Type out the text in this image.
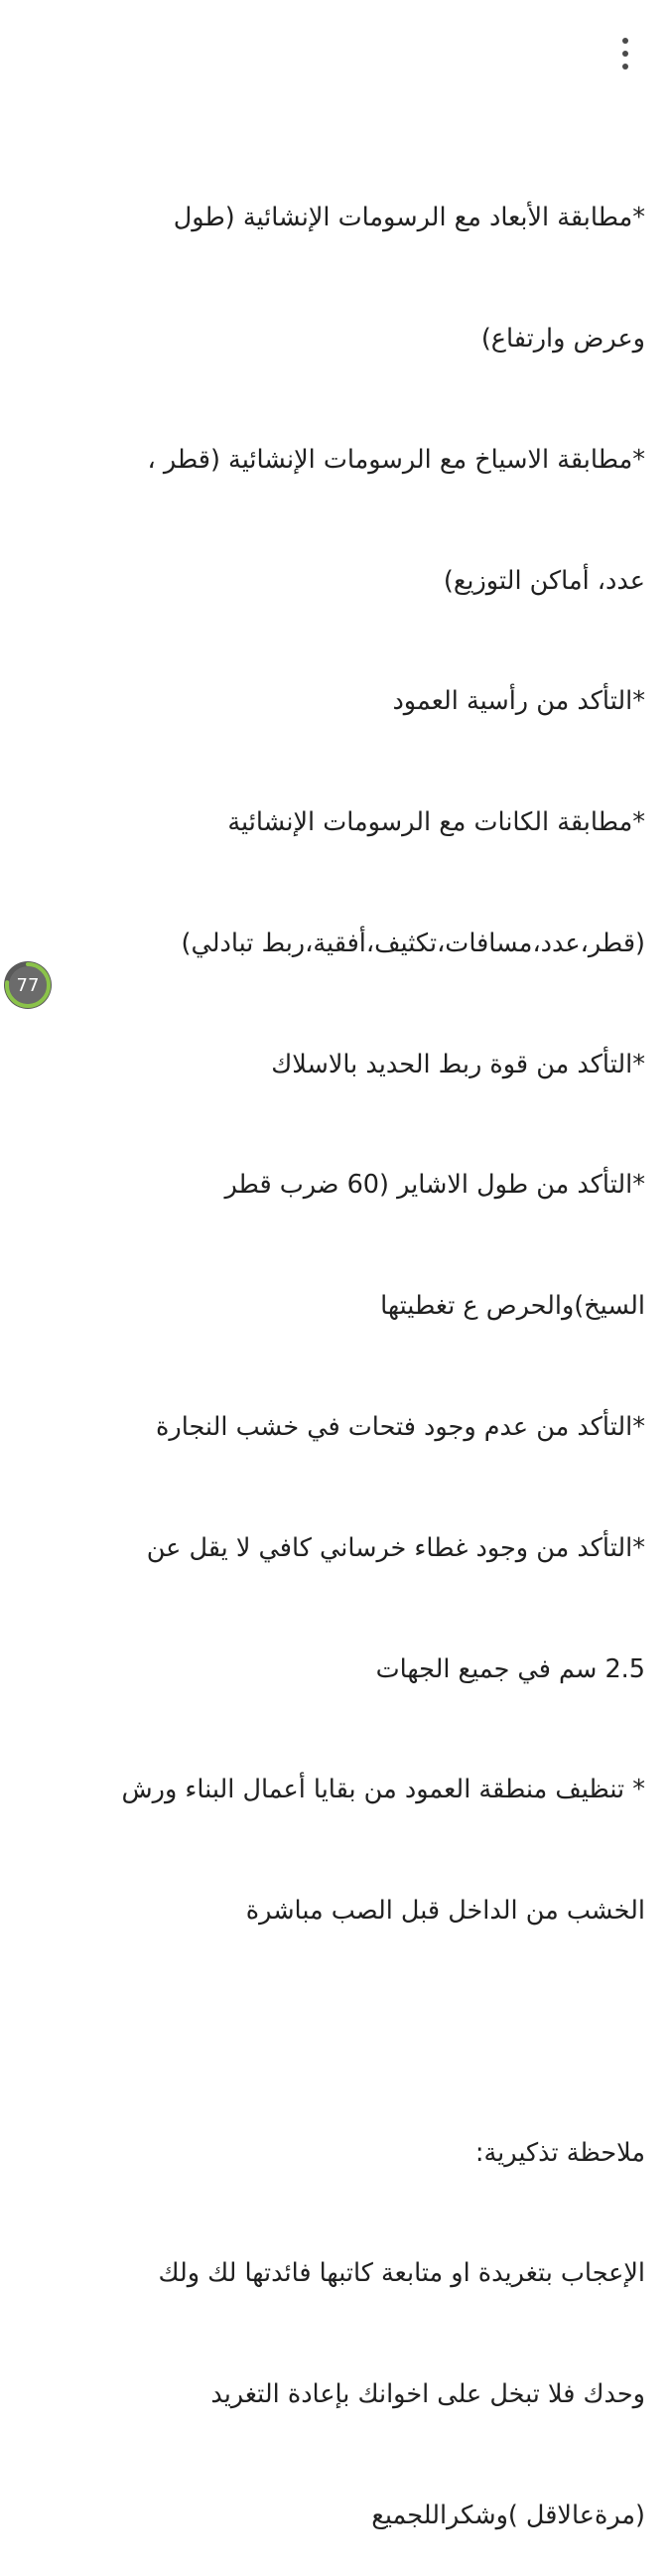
*مطابقة الأبعاد مع الرسومات الإنشائية (طول

وعرض وارتفاع)

*مطابقة الاسياخ مع الرسومات الإنشائية (قطر ،

عدد، أماكن التوزيع)

*التأكد من رأسية العمود

*مطابقة الكانات مع الرسومات الإنشائية

(قطر،عدد،مسافات،تكثيف،أفقية،ربط تبادلي)

*التأكد من قوة ربط الحديد بالاسلاك

*التأكد من طول الاشاير (60 ضرب قطر

السيخ)والحرص ع تغطيتها

*التأكد من عدم وجود فتحات في خشب النجارة

*التأكد من وجود غطاء خرساني كافي لا يقل عن

2.5 سم في جميع الجهات

* تنظيف منطقة العمود من بقايا أعمال البناء ورش

الخشب من الداخل قبل الصب مباشرة

ملاحظة تذكيرية:

الإعجاب بتغريدة او متابعة كاتبها فائدتها لك ولك

وحدك فلا تبخل على اخوانك بإعادة التغريد

(مرةعالاقل )وشكراللجميع

77
